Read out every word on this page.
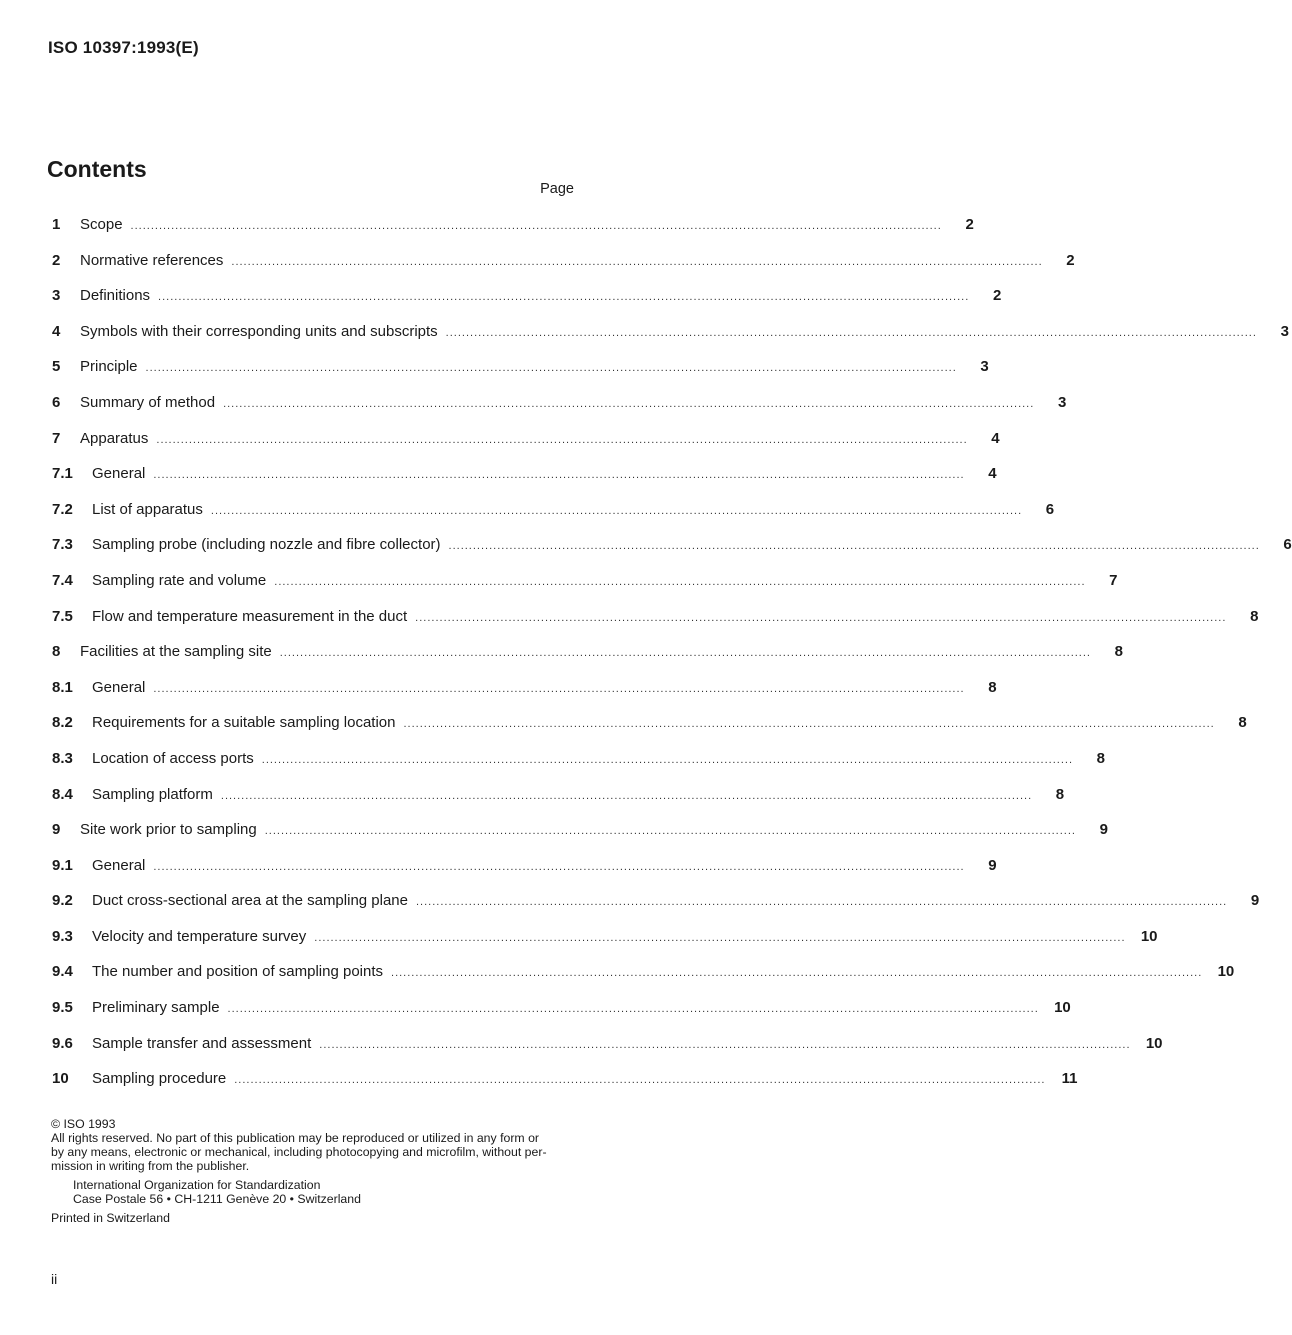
ISO 10397:1993(E)
Contents
Page
1	Scope ........................................................................................................................................................................................................	2
2	Normative references ........................................................................................................................................................................................................	2
3	Definitions ........................................................................................................................................................................................................	2
4	Symbols with their corresponding units and subscripts ........................................................................................................................................................................................................	3
5	Principle ........................................................................................................................................................................................................	3
6	Summary of method ........................................................................................................................................................................................................	3
7	Apparatus ........................................................................................................................................................................................................	4
7.1	General ........................................................................................................................................................................................................	4
7.2	List of apparatus ........................................................................................................................................................................................................	6
7.3	Sampling probe (including nozzle and fibre collector) ........................................................................................................................................................................................................	6
7.4	Sampling rate and volume ........................................................................................................................................................................................................	7
7.5	Flow and temperature measurement in the duct ........................................................................................................................................................................................................	8
8	Facilities at the sampling site ........................................................................................................................................................................................................	8
8.1	General ........................................................................................................................................................................................................	8
8.2	Requirements for a suitable sampling location ........................................................................................................................................................................................................	8
8.3	Location of access ports ........................................................................................................................................................................................................	8
8.4	Sampling platform ........................................................................................................................................................................................................	8
9	Site work prior to sampling ........................................................................................................................................................................................................	9
9.1	General ........................................................................................................................................................................................................	9
9.2	Duct cross-sectional area at the sampling plane ........................................................................................................................................................................................................	9
9.3	Velocity and temperature survey ........................................................................................................................................................................................................	10
9.4	The number and position of sampling points ........................................................................................................................................................................................................	10
9.5	Preliminary sample ........................................................................................................................................................................................................	10
9.6	Sample transfer and assessment ........................................................................................................................................................................................................	10
10	Sampling procedure ........................................................................................................................................................................................................	11
© ISO 1993
All rights reserved. No part of this publication may be reproduced or utilized in any form or
by any means, electronic or mechanical, including photocopying and microfilm, without per-
mission in writing from the publisher.
International Organization for Standardization
Case Postale 56 • CH-1211 Genève 20 • Switzerland
Printed in Switzerland
ii
